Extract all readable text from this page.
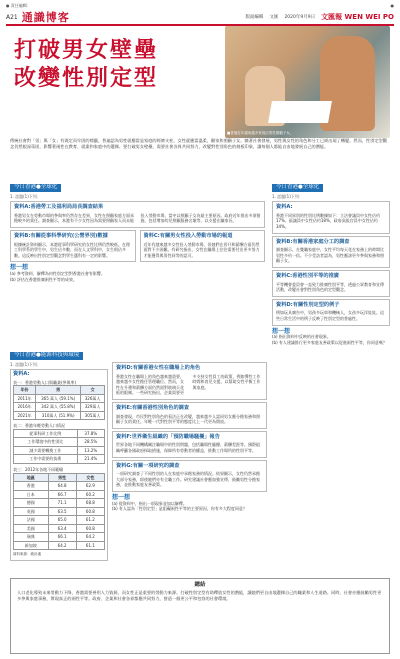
● 責任編輯：	●
A21 通識博客	版面編輯 文匯 2020年9月9日 文匯報 WEN WEI PO
打破男女壁壘
改變性別定型
■香港近年越來越多家庭由男性照顧子女。
傳統社會對「男」與「女」有既定而牢固的標籤，普遍認為男性就應當是家庭的經濟支柱，女性就應當溫柔、顧家和照顧子女。隨著社會發展，男性與女性的角色和分工已經出現了轉變。然而，性別定型觀念仍然根深蒂固，影響著兩性在教育、就業和家庭中的選擇。要打破男女壁壘，需要社會各界共同努力，改變對性別角色的刻板印象，讓每個人都能自由地發展自己的潛能。
今日香港●全球化
1. 話題(1)下列：
資料A:香港勞工及福利局局長調查結果
香港男女在勞動市場的參與率仍然存在差異，女性在照顧家庭方面承擔較多的責任。調查顯示，本港有不少女性因為需要照顧家人而未能投入勞動市場，當中以照顧子女為最主要原因。政府近年推出多項措施，包括增加幼兒照顧服務名額等，以支援在職家長。
資料B:有關從事科學研究(公營界別)數據
根據統計資料顯示，本港從事科學研究的女性比例仍然較低。在理工科學系的學生中，男生佔多數，而在人文學科中，女生則佔多數。這反映出性別定型觀念對學生選科有一定的影響。
資料C:有關男女性投入勞動市場的報道
近年有越來越多女性投入勞動市場，但她們在晉升和薪酬方面仍然面對不少困難。有研究指出，女性在職場上往往需要付出更多努力才能獲得與男性同等的認可。
想一想
(a) 參考資料，解釋為何性別定型對香港社會有影響。
(b) 評估在香港推廣兩性平等的成效。
今日香港●能源科技與環境
1. 話題(1)下列：
資料A:
表一：香港勞動人口與職業(參與率)
年份	男	女
2011年	365 萬人 (59.1%)	326萬人
2016年	342 萬人 (55.8%)	329萬人
2021年	310萬人 (51.9%)	305萬人
表二：香港年輕勞動人口情況
從事科研工作比例	37.8%
工作環境中的性別比	28.5%
減少需要轉換工作	13.2%
工作中需要的技術	21.4%
表三：2012年各地不同範疇
地區	男性	女性
香港	64.8	62.9
日本	66.7	60.2
德國	71.1	68.8
英國	63.5	60.8
法國	65.0	61.2
美國	63.4	60.8
瑞典	66.1	64.2
新加坡	64.2	61.1
資料來源：統計處
資料D:有關香港女性在職場上的角色
香港女性在職場上的角色越來越重要，越來越多女性擔任管理職位。然而，女性在升遷和薪酬方面仍然面對玻璃天花板的限制。一些研究指出，企業需要更多支持女性員工的政策，例如彈性工作時間和育兒支援，以幫助女性平衡工作與家庭。
資料E:有關香港性別角色的調查
調查發現，市民對性別角色的看法正在改變，越來越多人認同男女應分擔家務和照顧子女的責任。年輕一代對性別平等的態度比上一代更為開放。
資料F:世界衞生組織的「預防職場騷擾」報告
世界各地不同機構關注職場中的性別問題，包括職場性騷擾、薪酬差距等。國際組織呼籲各國政府採取措施，保障所有勞動者的權益，推動工作場所的性別平等。
資料G:有關一項研究的調查
一項研究調查了不同性別的人在家庭中承擔家務的情況。結果顯示，女性仍然承擔大部分家務，即使她們亦有全職工作。研究建議社會應加強宣傳，鼓勵男性分擔家務，並推動家庭友善政策。
想一想
(a) 從資料中，指出一項現象並加以解釋。
(b) 有人認為「性別定型」是阻礙兩性平等的主要原因，你有多大程度同意？
今日香港●全球化
1. 話題(1)下列：
資料A:
香港不同界別的性別比例數據如下：立法會議員中女性佔約17%，區議員中女性佔約18%，政府高級官員中女性佔約34%。
資料B:有關香港家庭分工的調查
調查顯示，在雙職家庭中，女性平均每天花在家務上的時間比男性多約一倍。不少受訪者認為，男性應該更多參與家務和照顧子女。
資料C:香港性別平等的推廣
平等機會委員會一直致力推廣性別平等，透過公眾教育和宣傳活動，改變社會對性別角色的定型觀念。
資料D:有關性別定型的例子
例如玩具廣告中，男孩多玩車和機械人，女孩多玩洋娃娃。這些日常生活中的例子反映了性別定型的普遍性。
想一想
(a) 指出資料中反映的社會現象。
(b) 有人建議推行更多家庭友善政策以促進兩性平等，你同意嗎？
總結
人口老化導致未來勞動力下降，香港需要善用人力資源，而女性正是重要的勞動力來源。打破性別定型有助釋放女性的潛能，讓她們更自由地選擇自己的職業和人生道路。同時，社會亦應鼓勵男性更多參與家庭事務，實現真正的兩性平等。政府、企業和社會各界都應共同努力，營造一個更公平和包容的社會環境。
